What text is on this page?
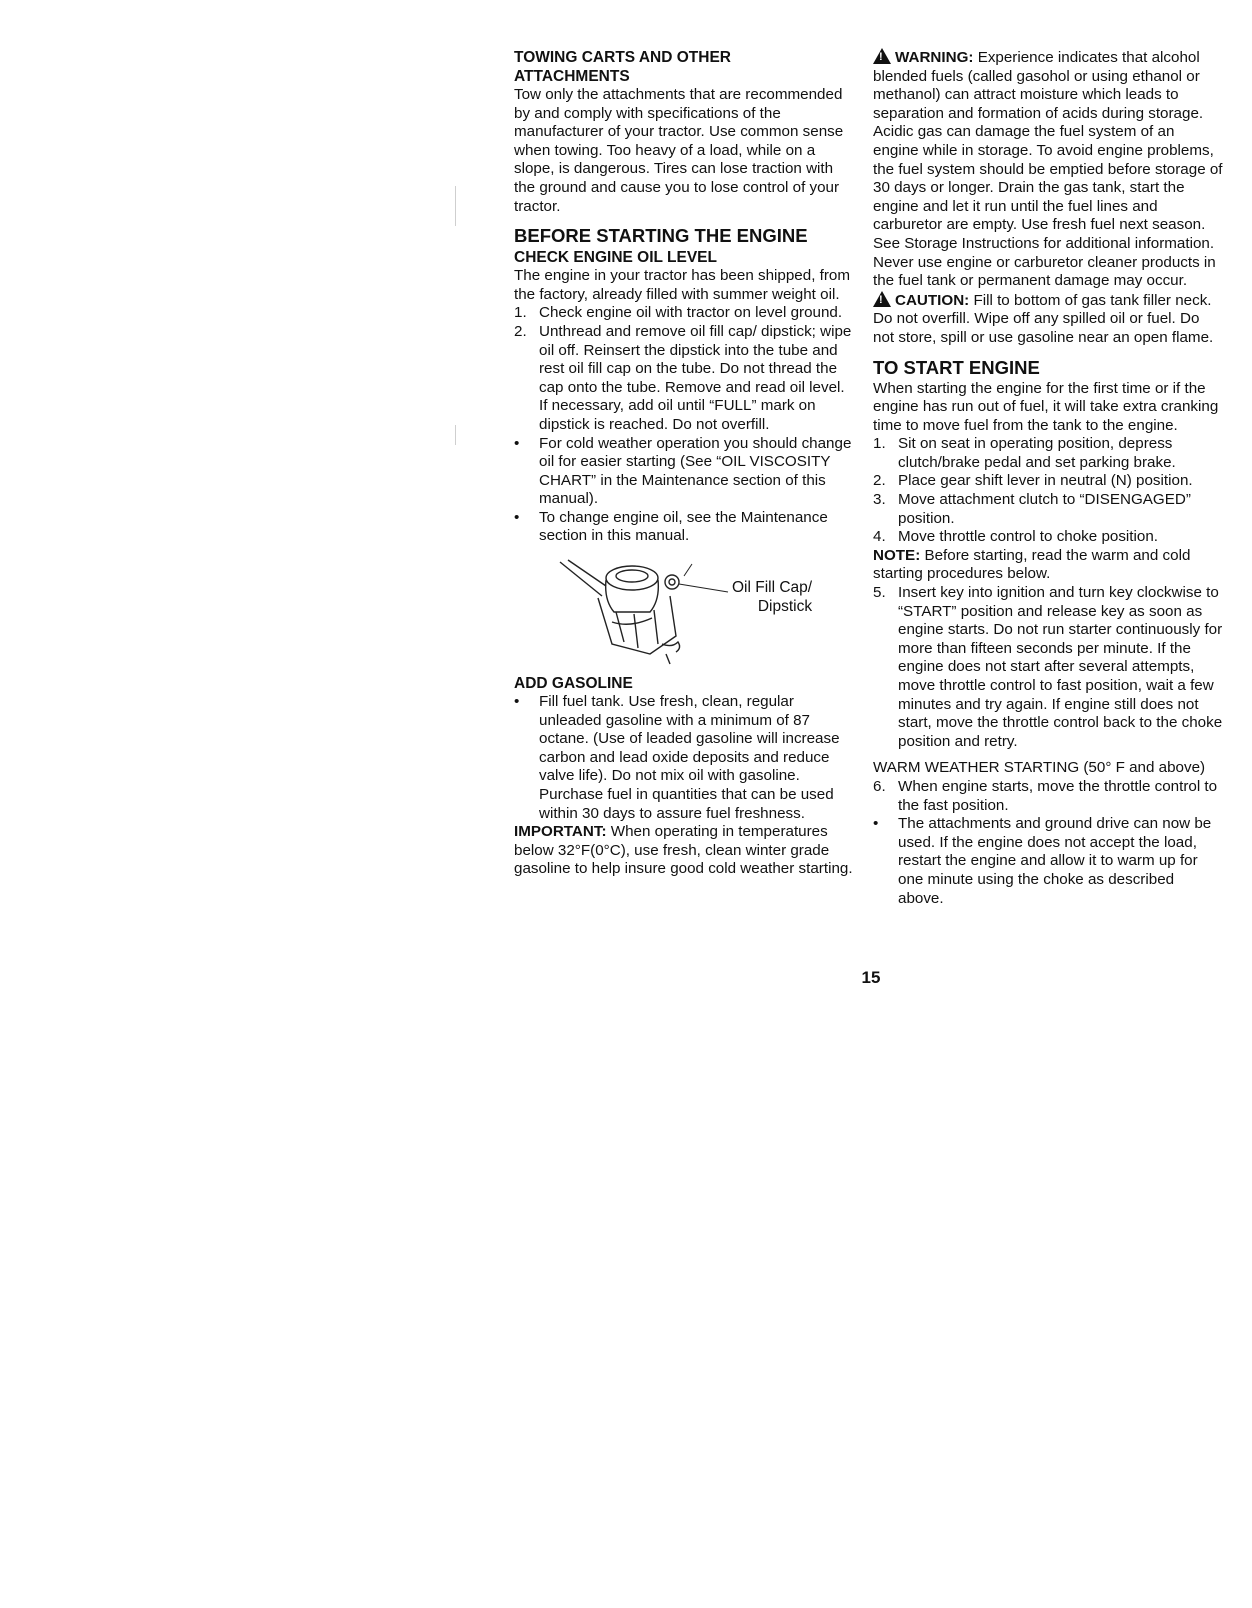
TOWING CARTS AND OTHER
ATTACHMENTS

Tow only the attachments that are recommended by and comply with specifications of the manufacturer of your tractor. Use common sense when towing. Too heavy of a load, while on a slope, is dangerous. Tires can lose traction with the ground and cause you to lose control of your tractor.

BEFORE STARTING THE ENGINE
CHECK ENGINE OIL LEVEL

The engine in your tractor has been shipped, from the factory, already filled with summer weight oil.

1. Check engine oil with tractor on level ground.
2. Unthread and remove oil fill cap/ dipstick; wipe oil off. Reinsert the dipstick into the tube and rest oil fill cap on the tube. Do not thread the cap onto the tube. Remove and read oil level. If necessary, add oil until “FULL” mark on dipstick is reached. Do not overfill.
• For cold weather operation you should change oil for easier starting (See “OIL VISCOSITY CHART” in the Maintenance section of this manual).
• To change engine oil, see the Maintenance section in this manual.
Oil Fill Cap/
Dipstick
ADD GASOLINE
• Fill fuel tank. Use fresh, clean, regular unleaded gasoline with a minimum of 87 octane. (Use of leaded gasoline will increase carbon and lead oxide deposits and reduce valve life). Do not mix oil with gasoline. Purchase fuel in quantities that can be used within 30 days to assure fuel freshness.

IMPORTANT: When operating in temperatures below 32°F(0°C), use fresh, clean winter grade gasoline to help insure good cold weather starting.

!WARNING: Experience indicates that alcohol blended fuels (called gasohol or using ethanol or methanol) can attract moisture which leads to separation and formation of acids during storage. Acidic gas can damage the fuel system of an engine while in storage. To avoid engine problems, the fuel system should be emptied before storage of 30 days or longer. Drain the gas tank, start the engine and let it run until the fuel lines and carburetor are empty. Use fresh fuel next season. See Storage Instructions for additional information. Never use engine or carburetor cleaner products in the fuel tank or permanent damage may occur.

!CAUTION: Fill to bottom of gas tank filler neck. Do not overfill. Wipe off any spilled oil or fuel. Do not store, spill or use gasoline near an open flame.

TO START ENGINE

When starting the engine for the first time or if the engine has run out of fuel, it will take extra cranking time to move fuel from the tank to the engine.

1. Sit on seat in operating position, depress clutch/brake pedal and set parking brake.
2. Place gear shift lever in neutral (N) position.
3. Move attachment clutch to “DISENGAGED” position.
4. Move throttle control to choke position.

NOTE: Before starting, read the warm and cold starting procedures below.

5. Insert key into ignition and turn key clockwise to “START” position and release key as soon as engine starts. Do not run starter continuously for more than fifteen seconds per minute. If the engine does not start after several attempts, move throttle control to fast position, wait a few minutes and try again. If engine still does not start, move the throttle control back to the choke position and retry.

WARM WEATHER STARTING (50° F and above)

6. When engine starts, move the throttle control to the fast position.
• The attachments and ground drive can now be used. If the engine does not accept the load, restart the engine and allow it to warm up for one minute using the choke as described above.
15
